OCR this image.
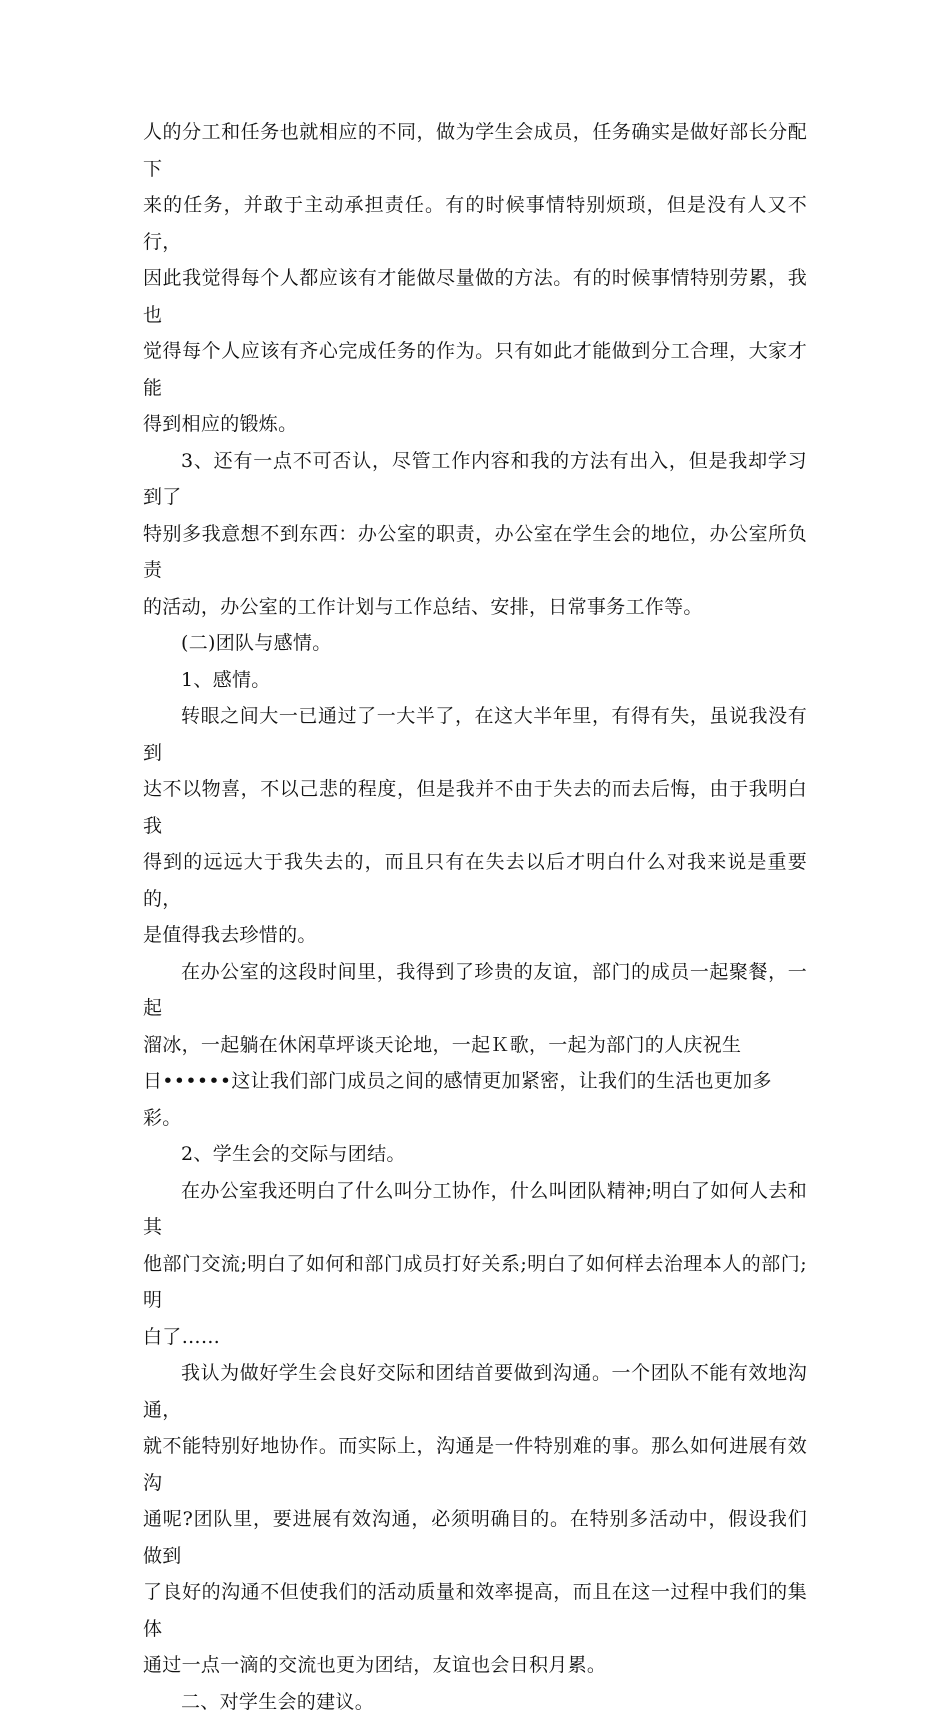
人的分工和任务也就相应的不同，做为学生会成员，任务确实是做好部长分配下
来的任务，并敢于主动承担责任。有的时候事情特别烦琐，但是没有人又不行，
因此我觉得每个人都应该有才能做尽量做的方法。有的时候事情特别劳累，我也
觉得每个人应该有齐心完成任务的作为。只有如此才能做到分工合理，大家才能
得到相应的锻炼。

3、还有一点不可否认，尽管工作内容和我的方法有出入，但是我却学习到了
特别多我意想不到东西：办公室的职责，办公室在学生会的地位，办公室所负责
的活动，办公室的工作计划与工作总结、安排，日常事务工作等。

(二)团队与感情。

1、感情。

转眼之间大一已通过了一大半了，在这大半年里，有得有失，虽说我没有到
达不以物喜，不以己悲的程度，但是我并不由于失去的而去后悔，由于我明白我
得到的远远大于我失去的，而且只有在失去以后才明白什么对我来说是重要的，
是值得我去珍惜的。

在办公室的这段时间里，我得到了珍贵的友谊，部门的成员一起聚餐，一起
溜冰，一起躺在休闲草坪谈天论地，一起Ｋ歌，一起为部门的人庆祝生
日••••••这让我们部门成员之间的感情更加紧密，让我们的生活也更加多
彩。

2、学生会的交际与团结。

在办公室我还明白了什么叫分工协作，什么叫团队精神;明白了如何人去和其
他部门交流;明白了如何和部门成员打好关系;明白了如何样去治理本人的部门;明
白了……

我认为做好学生会良好交际和团结首要做到沟通。一个团队不能有效地沟通，
就不能特别好地协作。而实际上，沟通是一件特别难的事。那么如何进展有效沟
通呢?团队里，要进展有效沟通，必须明确目的。在特别多活动中，假设我们做到
了良好的沟通不但使我们的活动质量和效率提高，而且在这一过程中我们的集体
通过一点一滴的交流也更为团结，友谊也会日积月累。

二、对学生会的建议。
